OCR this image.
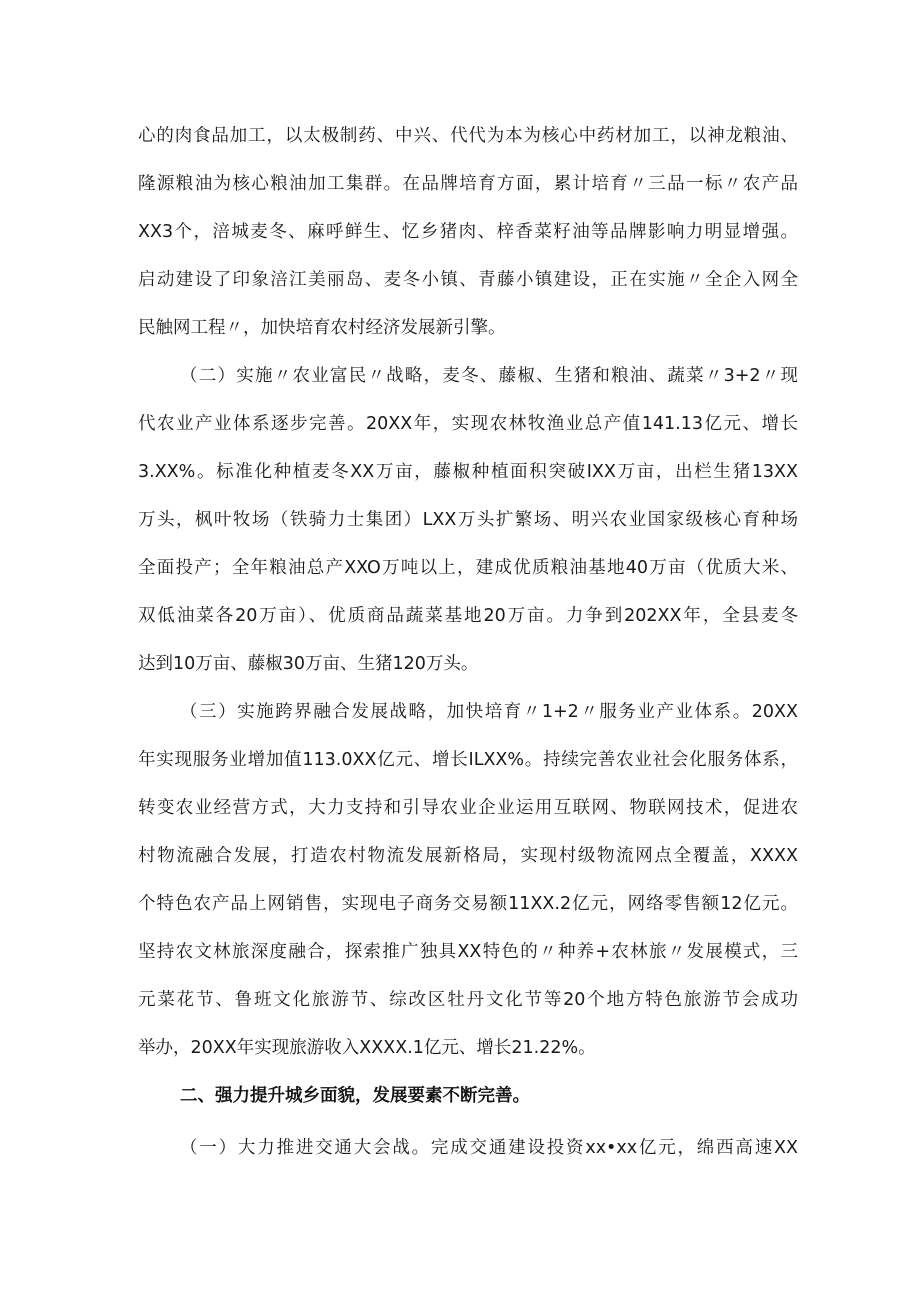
心的肉食品加工，以太极制药、中兴、代代为本为核心中药材加工，以神龙粮油、
隆源粮油为核心粮油加工集群。在品牌培育方面，累计培育〃三品一标〃农产品
XX3个，涪城麦冬、麻呼鲜生、忆乡猪肉、梓香菜籽油等品牌影响力明显增强。
启动建设了印象涪江美丽岛、麦冬小镇、青藤小镇建设，正在实施〃全企入网全
民触网工程〃，加快培育农村经济发展新引擎。
（二）实施〃农业富民〃战略，麦冬、藤椒、生猪和粮油、蔬菜〃3+2〃现
代农业产业体系逐步完善。20XX年，实现农林牧渔业总产值141.13亿元、增长
3.XX%。标准化种植麦冬XX万亩，藤椒种植面积突破IXX万亩，出栏生猪13XX
万头，枫叶牧场（铁骑力士集团）LXX万头扩繁场、明兴农业国家级核心育种场
全面投产；全年粮油总产XXO万吨以上，建成优质粮油基地40万亩（优质大米、
双低油菜各20万亩）、优质商品蔬菜基地20万亩。力争到202XX年，全县麦冬
达到10万亩、藤椒30万亩、生猪120万头。
（三）实施跨界融合发展战略，加快培育〃1+2〃服务业产业体系。20XX
年实现服务业增加值113.0XX亿元、增长ILXX%。持续完善农业社会化服务体系，
转变农业经营方式，大力支持和引导农业企业运用互联网、物联网技术，促进农
村物流融合发展，打造农村物流发展新格局，实现村级物流网点全覆盖，XXXX
个特色农产品上网销售，实现电子商务交易额11XX.2亿元，网络零售额12亿元。
坚持农文林旅深度融合，探索推广独具XX特色的〃种养+农林旅〃发展模式，三
元菜花节、鲁班文化旅游节、综改区牡丹文化节等20个地方特色旅游节会成功
举办，20XX年实现旅游收入XXXX.1亿元、增长21.22%。
二、强力提升城乡面貌，发展要素不断完善。
（一）大力推进交通大会战。完成交通建设投资xx•xx亿元，绵西高速XX
